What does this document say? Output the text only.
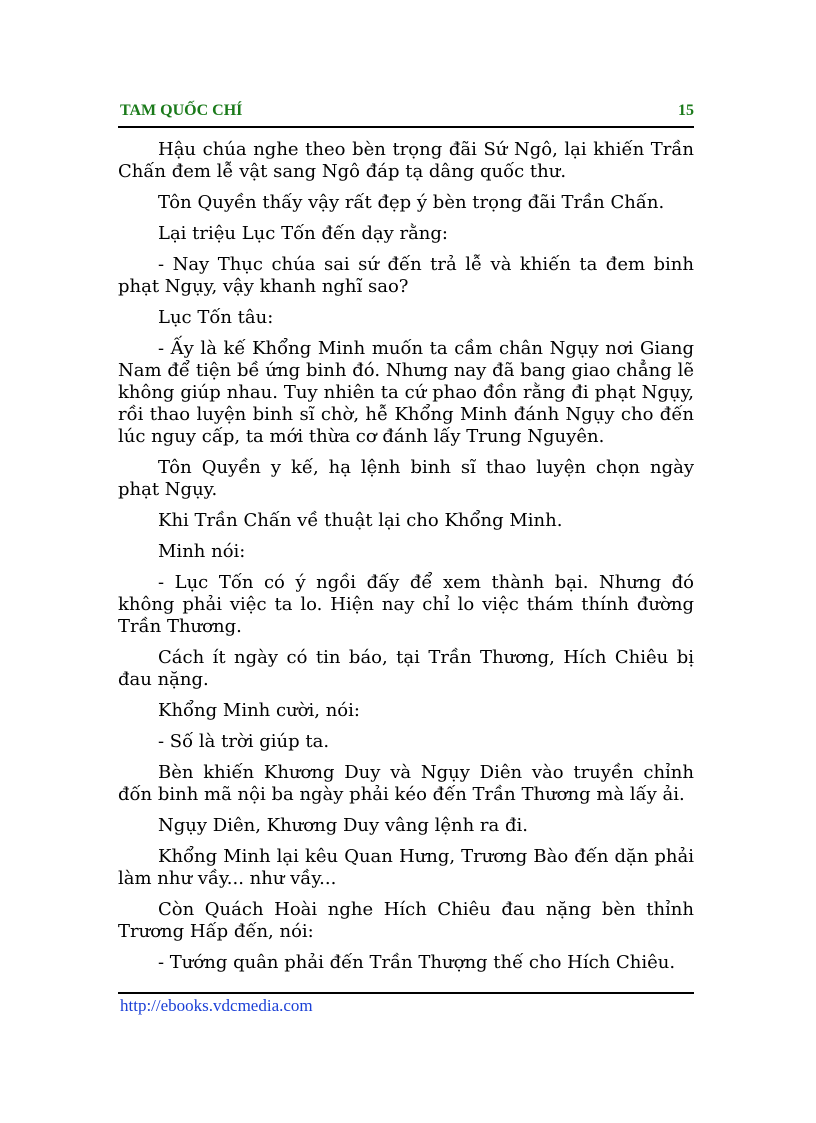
TAM QUỐC CHÍ	15

Hậu chúa nghe theo bèn trọng đãi Sứ Ngô, lại khiến Trần Chấn đem lễ vật sang Ngô đáp tạ dâng quốc thư.

Tôn Quyền thấy vậy rất đẹp ý bèn trọng đãi Trần Chấn.

Lại triệu Lục Tốn đến dạy rằng:

- Nay Thục chúa sai sứ đến trả lễ và khiến ta đem binh phạt Ngụy, vậy khanh nghĩ sao?

Lục Tốn tâu:

- Ấy là kế Khổng Minh muốn ta cầm chân Ngụy nơi Giang Nam để tiện bề ứng binh đó. Nhưng nay đã bang giao chẳng lẽ không giúp nhau. Tuy nhiên ta cứ phao đồn rằng đi phạt Ngụy, rồi thao luyện binh sĩ chờ, hễ Khổng Minh đánh Ngụy cho đến lúc nguy cấp, ta mới thừa cơ đánh lấy Trung Nguyên.

Tôn Quyền y kế, hạ lệnh binh sĩ thao luyện chọn ngày phạt Ngụy.

Khi Trần Chấn về thuật lại cho Khổng Minh.

Minh nói:

- Lục Tốn có ý ngồi đấy để xem thành bại. Nhưng đó không phải việc ta lo. Hiện nay chỉ lo việc thám thính đường Trần Thương.

Cách ít ngày có tin báo, tại Trần Thương, Hích Chiêu bị đau nặng.

Khổng Minh cười, nói:

- Số là trời giúp ta.

Bèn khiến Khương Duy và Ngụy Diên vào truyền chỉnh đốn binh mã nội ba ngày phải kéo đến Trần Thương mà lấy ải.

Ngụy Diên, Khương Duy vâng lệnh ra đi.

Khổng Minh lại kêu Quan Hưng, Trương Bào đến dặn phải làm như vầy... như vầy...

Còn Quách Hoài nghe Hích Chiêu đau nặng bèn thỉnh Trương Hấp đến, nói:

- Tướng quân phải đến Trần Thượng thế cho Hích Chiêu.

http://ebooks.vdcmedia.com
